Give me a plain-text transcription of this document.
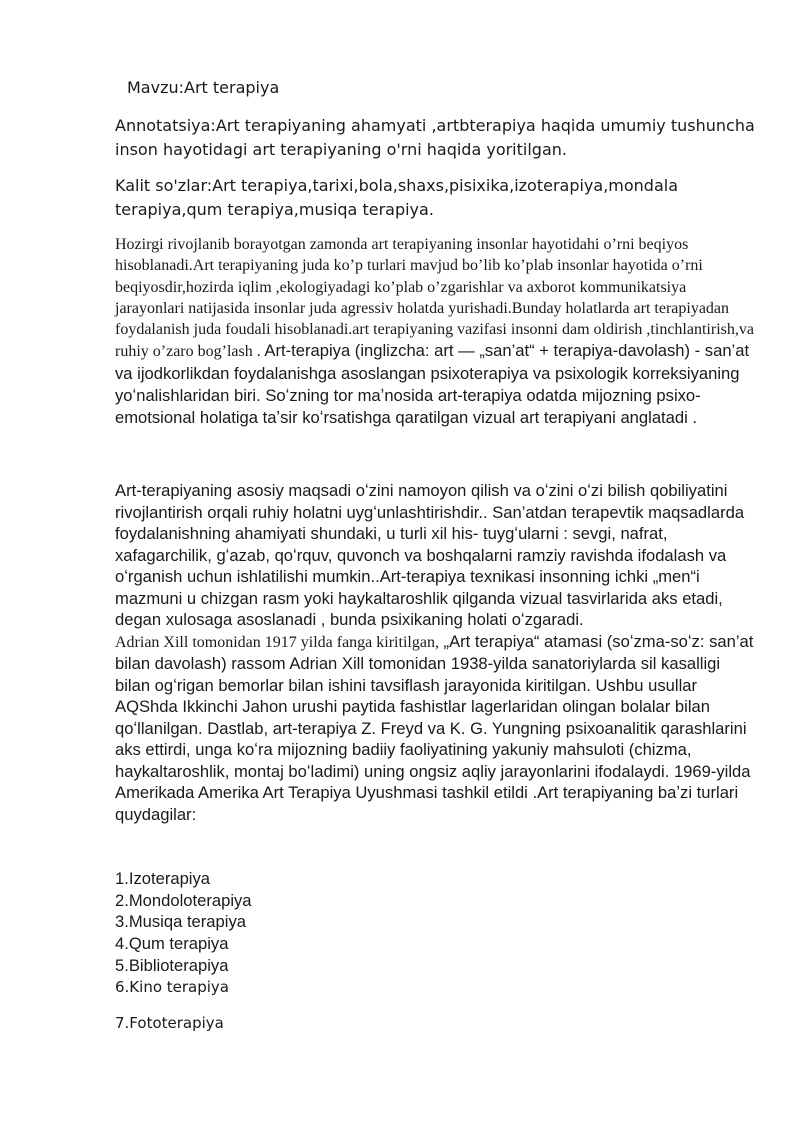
Mavzu:Art terapiya

Annotatsiya:Art terapiyaning ahamyati ,artbterapiya haqida umumiy tushuncha inson hayotidagi art terapiyaning o'rni haqida yoritilgan.

Kalit so'zlar:Art terapiya,tarixi,bola,shaxs,pisixika,izoterapiya,mondala terapiya,qum terapiya,musiqa terapiya.

Hozirgi rivojlanib borayotgan zamonda art terapiyaning insonlar hayotidahi o’rni beqiyos hisoblanadi.Art terapiyaning juda ko’p turlari mavjud bo’lib ko’plab insonlar hayotida o’rni beqiyosdir,hozirda iqlim ,ekologiyadagi ko’plab o’zgarishlar va axborot kommunikatsiya jarayonlari natijasida insonlar juda agressiv holatda yurishadi.Bunday holatlarda art terapiyadan foydalanish juda foudali hisoblanadi.art terapiyaning vazifasi insonni dam oldirish ,tinchlantirish,va ruhiy o’zaro bog’lash . Art-terapiya (inglizcha: art — „san’at“ + terapiya-davolash) - san’at va ijodkorlikdan foydalanishga asoslangan psixoterapiya va psixologik korreksiyaning yoʻnalishlaridan biri. Soʻzning tor maʼnosida art-terapiya odatda mijozning psixo-emotsional holatiga taʼsir koʻrsatishga qaratilgan vizual art terapiyani anglatadi .

Art-terapiyaning asosiy maqsadi oʻzini namoyon qilish va oʻzini oʻzi bilish qobiliyatini rivojlantirish orqali ruhiy holatni uygʻunlashtirishdir.. San’atdan terapevtik maqsadlarda foydalanishning ahamiyati shundaki, u turli xil his- tuygʻularni : sevgi, nafrat, xafagarchilik, gʻazab, qoʻrquv, quvonch va boshqalarni ramziy ravishda ifodalash va oʻrganish uchun ishlatilishi mumkin..Art-terapiya texnikasi insonning ichki „men“i mazmuni u chizgan rasm yoki haykaltaroshlik qilganda vizual tasvirlarida aks etadi, degan xulosaga asoslanadi , bunda psixikaning holati oʻzgaradi.

Adrian Xill tomonidan 1917 yilda fanga kiritilgan, „Art terapiya“ atamasi (soʻzma-soʻz: san’at bilan davolash) rassom Adrian Xill tomonidan 1938-yilda sanatoriylarda sil kasalligi bilan ogʻrigan bemorlar bilan ishini tavsiflash jarayonida kiritilgan. Ushbu usullar AQShda Ikkinchi Jahon urushi paytida fashistlar lagerlaridan olingan bolalar bilan qoʻllanilgan. Dastlab, art-terapiya Z. Freyd va K. G. Yungning psixoanalitik qarashlarini aks ettirdi, unga koʻra mijozning badiiy faoliyatining yakuniy mahsuloti (chizma, haykaltaroshlik, montaj boʻladimi) uning ongsiz aqliy jarayonlarini ifodalaydi. 1969-yilda Amerikada Amerika Art Terapiya Uyushmasi tashkil etildi .Art terapiyaning baʼzi turlari quydagilar:

1.Izoterapiya
2.Mondoloterapiya
3.Musiqa terapiya
4.Qum terapiya
5.Biblioterapiya
6.Kino terapiya
7.Fototerapiya
